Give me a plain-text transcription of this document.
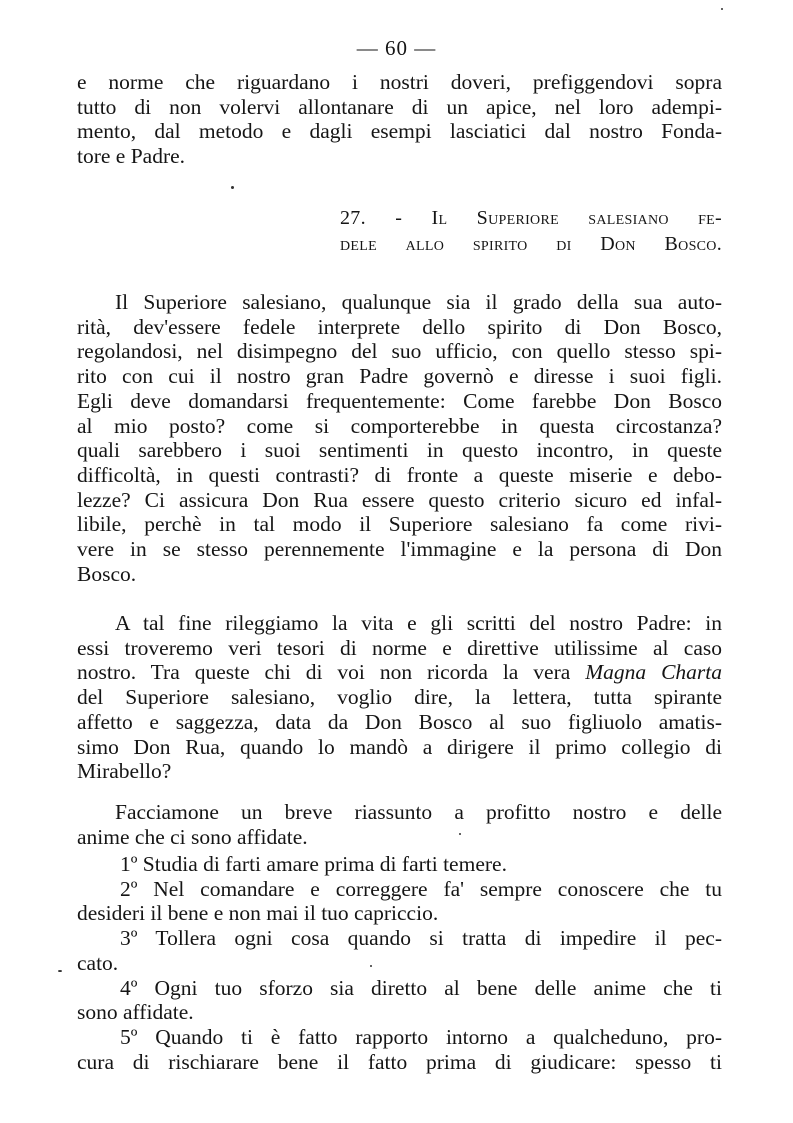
— 60 —
e norme che riguardano i nostri doveri, prefiggendovi sopra
tutto di non volervi allontanare di un apice, nel loro adempi-
mento, dal metodo e dagli esempi lasciatici dal nostro Fonda-
tore e Padre.
27. - Il Superiore salesiano fe-
dele allo spirito di Don Bosco.
Il Superiore salesiano, qualunque sia il grado della sua auto-
rità, dev'essere fedele interprete dello spirito di Don Bosco,
regolandosi, nel disimpegno del suo ufficio, con quello stesso spi-
rito con cui il nostro gran Padre governò e diresse i suoi figli.
Egli deve domandarsi frequentemente: Come farebbe Don Bosco
al mio posto? come si comporterebbe in questa circostanza?
quali sarebbero i suoi sentimenti in questo incontro, in queste
difficoltà, in questi contrasti? di fronte a queste miserie e debo-
lezze? Ci assicura Don Rua essere questo criterio sicuro ed infal-
libile, perchè in tal modo il Superiore salesiano fa come rivi-
vere in se stesso perennemente l'immagine e la persona di Don
Bosco.
A tal fine rileggiamo la vita e gli scritti del nostro Padre: in
essi troveremo veri tesori di norme e direttive utilissime al caso
nostro. Tra queste chi di voi non ricorda la vera Magna Charta
del Superiore salesiano, voglio dire, la lettera, tutta spirante
affetto e saggezza, data da Don Bosco al suo figliuolo amatis-
simo Don Rua, quando lo mandò a dirigere il primo collegio di
Mirabello?
Facciamone un breve riassunto a profitto nostro e delle
anime che ci sono affidate.
1º Studia di farti amare prima di farti temere.
2º Nel comandare e correggere fa' sempre conoscere che tu
desideri il bene e non mai il tuo capriccio.
3º Tollera ogni cosa quando si tratta di impedire il pec-
cato.
4º Ogni tuo sforzo sia diretto al bene delle anime che ti
sono affidate.
5º Quando ti è fatto rapporto intorno a qualcheduno, pro-
cura di rischiarare bene il fatto prima di giudicare: spesso ti
